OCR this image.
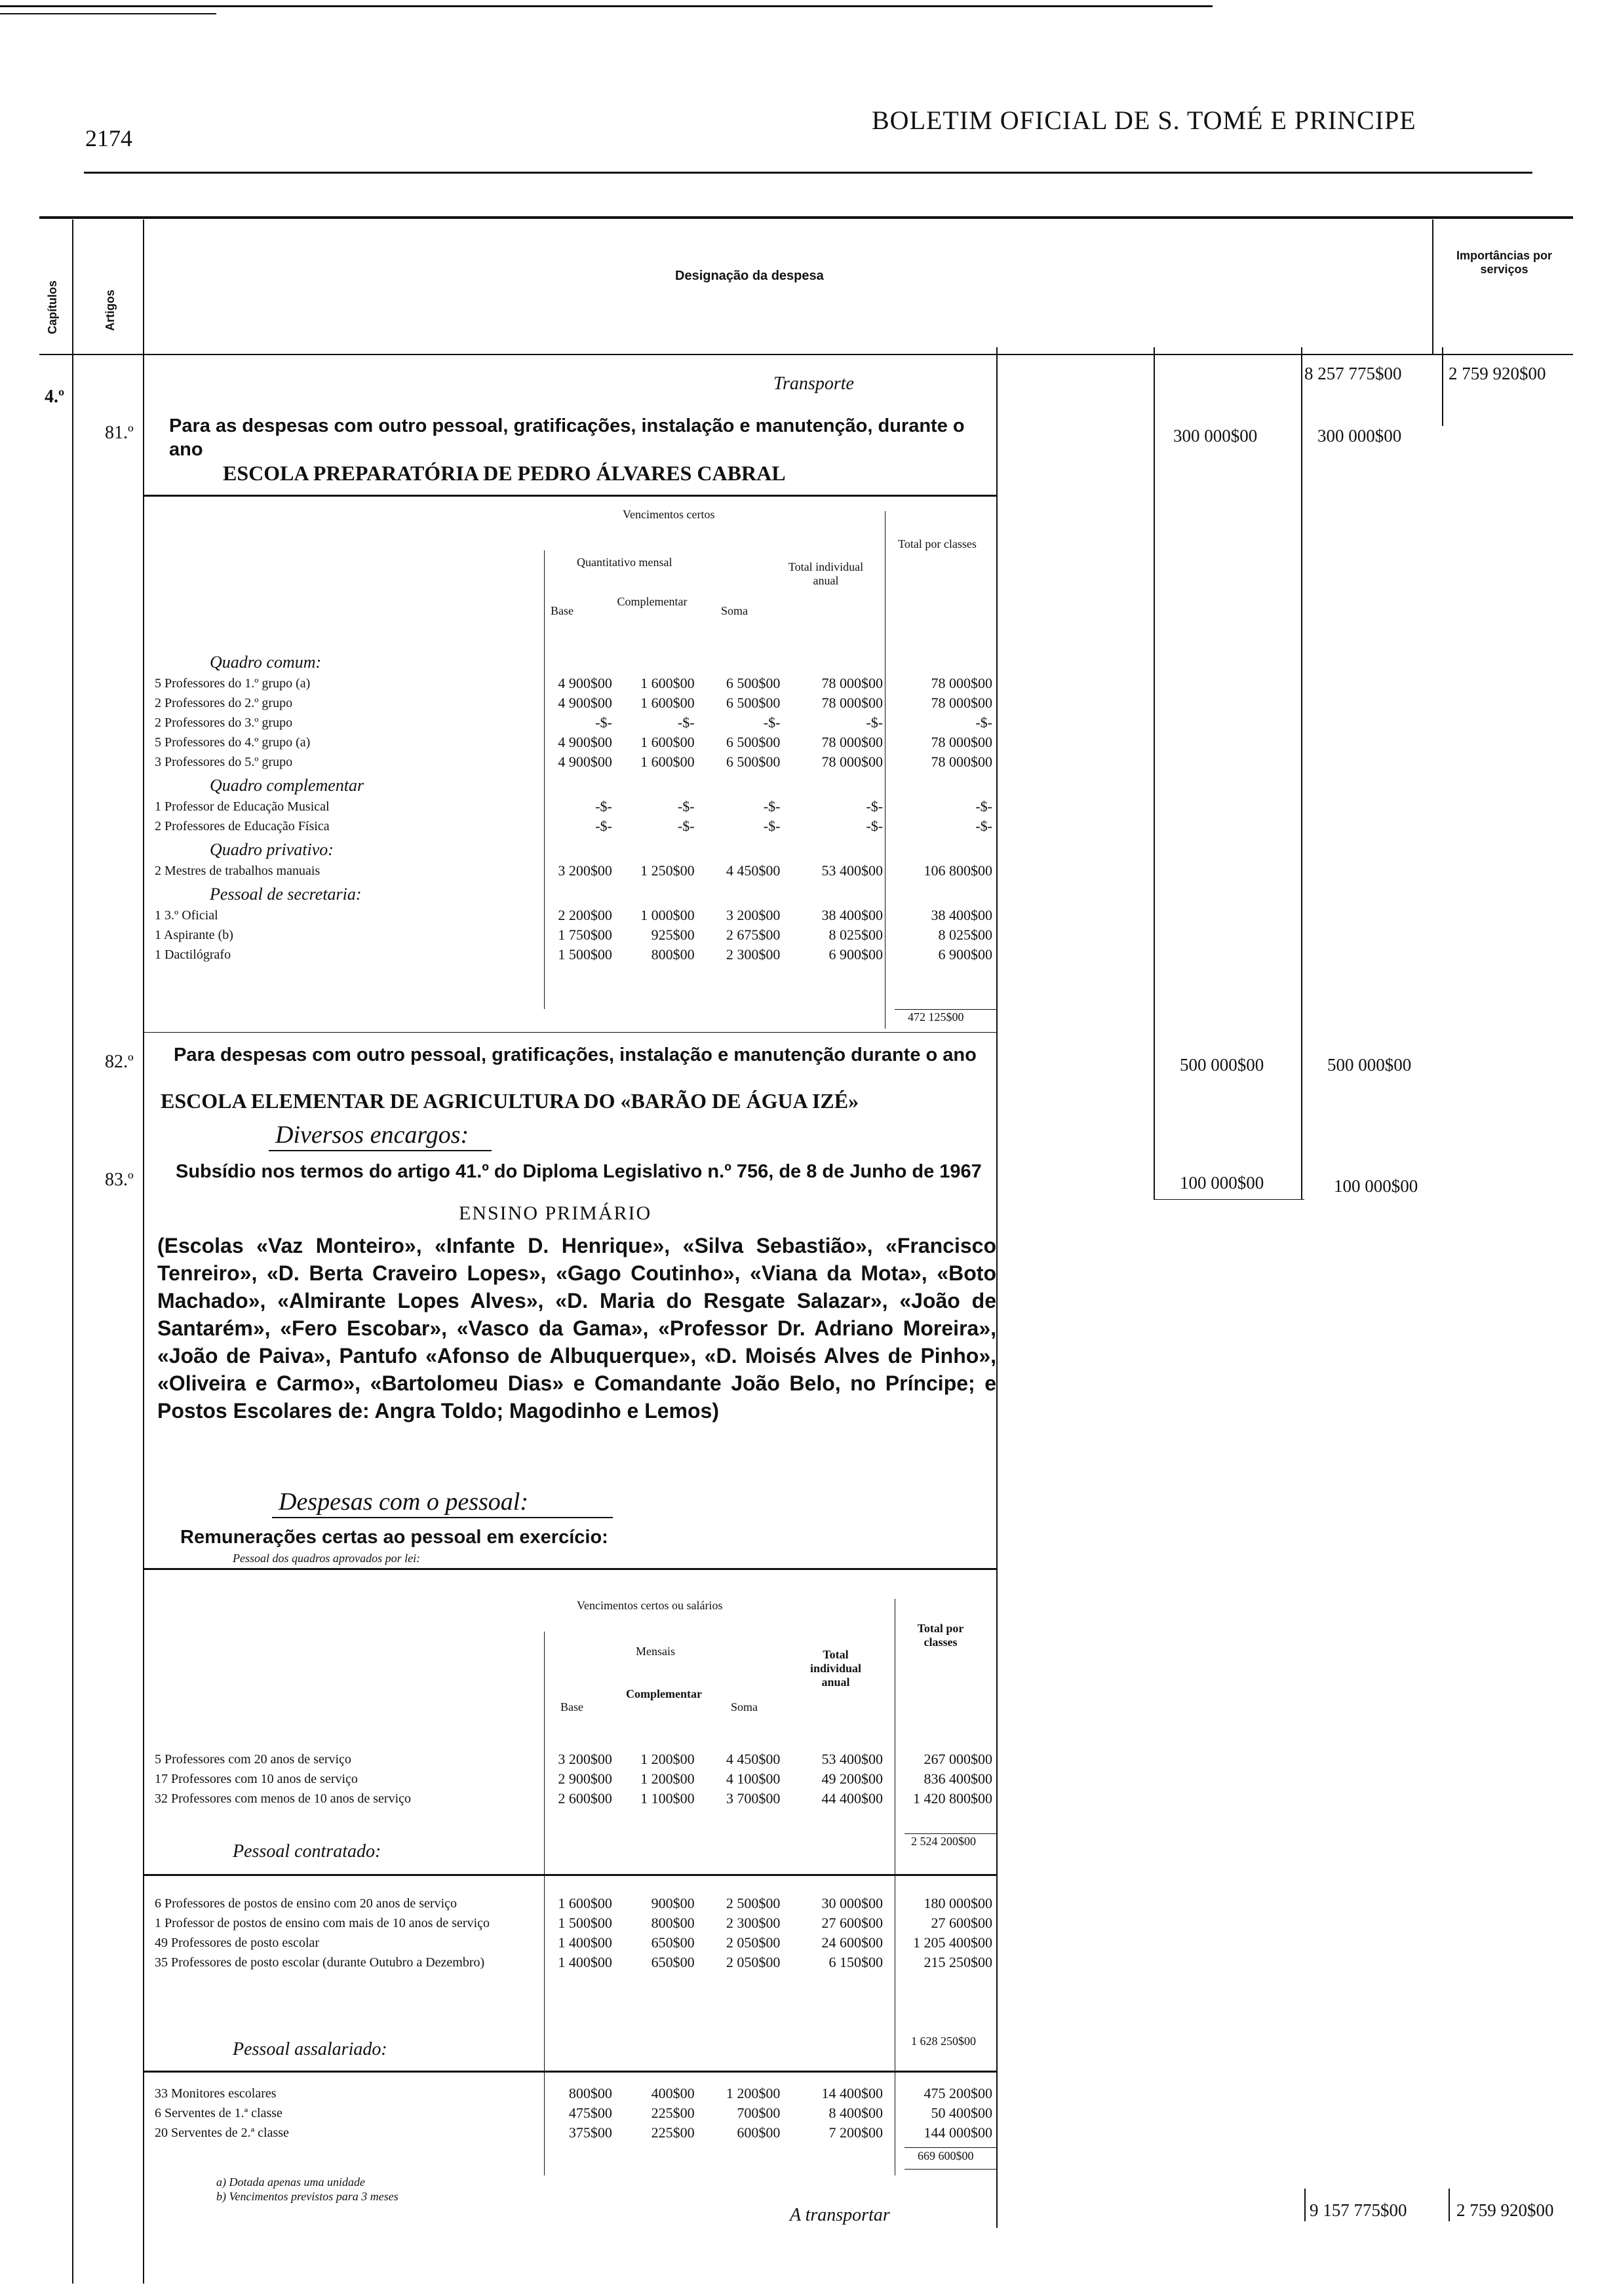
2174
BOLETIM OFICIAL DE S. TOMÉ E PRINCIPE
Capítulos	Artigos
Designação da despesa
Importâncias por serviços
4.º
Transporte	8 257 775$00	2 759 920$00
81.º Para as despesas com outro pessoal, gratificações, instalação e manutenção, durante o ano
300 000$00	300 000$00
ESCOLA PREPARATÓRIA DE PEDRO ÁLVARES CABRAL
Vencimentos certos
Quantitativo mensal	Total individual anual
Total por classes
Base
Complementar
Soma
Quadro comum:					
5 Professores do 1.º grupo (a)	4 900$00	1 600$00	6 500$00	78 000$00	78 000$00
2 Professores do 2.º grupo	4 900$00	1 600$00	6 500$00	78 000$00	78 000$00
2 Professores do 3.º grupo	-$-	-$-	-$-	-$-	-$-
5 Professores do 4.º grupo (a)	4 900$00	1 600$00	6 500$00	78 000$00	78 000$00
3 Professores do 5.º grupo	4 900$00	1 600$00	6 500$00	78 000$00	78 000$00
Quadro complementar					
1 Professor de Educação Musical	-$-	-$-	-$-	-$-	-$-
2 Professores de Educação Física	-$-	-$-	-$-	-$-	-$-
Quadro privativo:					
2 Mestres de trabalhos manuais	3 200$00	1 250$00	4 450$00	53 400$00	106 800$00
Pessoal de secretaria:					
1 3.º Oficial	2 200$00	1 000$00	3 200$00	38 400$00	38 400$00
1 Aspirante (b)	1 750$00	925$00	2 675$00	8 025$00	8 025$00
1 Dactilógrafo	1 500$00	800$00	2 300$00	6 900$00	6 900$00
472 125$00
82.º Para despesas com outro pessoal, gratificações, instalação e manutenção durante o ano	500 000$00	500 000$00
ESCOLA ELEMENTAR DE AGRICULTURA DO «BARÃO DE ÁGUA IZÉ»
Diversos encargos:
83.º Subsídio nos termos do artigo 41.º do Diploma Legislativo n.º 756, de 8 de Junho de 1967
100 000$00	100 000$00
ENSINO PRIMÁRIO
(Escolas «Vaz Monteiro», «Infante D. Henrique», «Silva Sebastião», «Francisco Tenreiro», «D. Berta Craveiro Lopes», «Gago Coutinho», «Viana da Mota», «Boto Machado», «Almirante Lopes Alves», «D. Maria do Resgate Salazar», «João de Santarém», «Fero Escobar», «Vasco da Gama», «Professor Dr. Adriano Moreira», «João de Paiva», Pantufo «Afonso de Albuquerque», «D. Moisés Alves de Pinho», «Oliveira e Carmo», «Bartolomeu Dias» e Comandante João Belo, no Príncipe; e Postos Escolares de: Angra Toldo; Magodinho e Lemos)
Despesas com o pessoal:
Remunerações certas ao pessoal em exercício:
Pessoal dos quadros aprovados por lei:
Vencimentos certos ou salários
Mensais	Total individual anual
Total por classes
Base
Complementar
Soma
5 Professores com 20 anos de serviço	3 200$00	1 200$00	4 450$00	53 400$00	267 000$00
17 Professores com 10 anos de serviço	2 900$00	1 200$00	4 100$00	49 200$00	836 400$00
32 Professores com menos de 10 anos de serviço	2 600$00	1 100$00	3 700$00	44 400$00	1 420 800$00
2 524 200$00
Pessoal contratado:
6 Professores de postos de ensino com 20 anos de serviço	1 600$00	900$00	2 500$00	30 000$00	180 000$00
1 Professor de postos de ensino com mais de 10 anos de serviço	1 500$00	800$00	2 300$00	27 600$00	27 600$00
49 Professores de posto escolar	1 400$00	650$00	2 050$00	24 600$00	1 205 400$00
35 Professores de posto escolar (durante Outubro a Dezembro)	1 400$00	650$00	2 050$00	6 150$00	215 250$00
1 628 250$00
Pessoal assalariado:
33 Monitores escolares	800$00	400$00	1 200$00	14 400$00	475 200$00
6 Serventes de 1.ª classe	475$00	225$00	700$00	8 400$00	50 400$00
20 Serventes de 2.ª classe	375$00	225$00	600$00	7 200$00	144 000$00
669 600$00
a) Dotada apenas uma unidade
b) Vencimentos previstos para 3 meses
A transportar	9 157 775$00	2 759 920$00
